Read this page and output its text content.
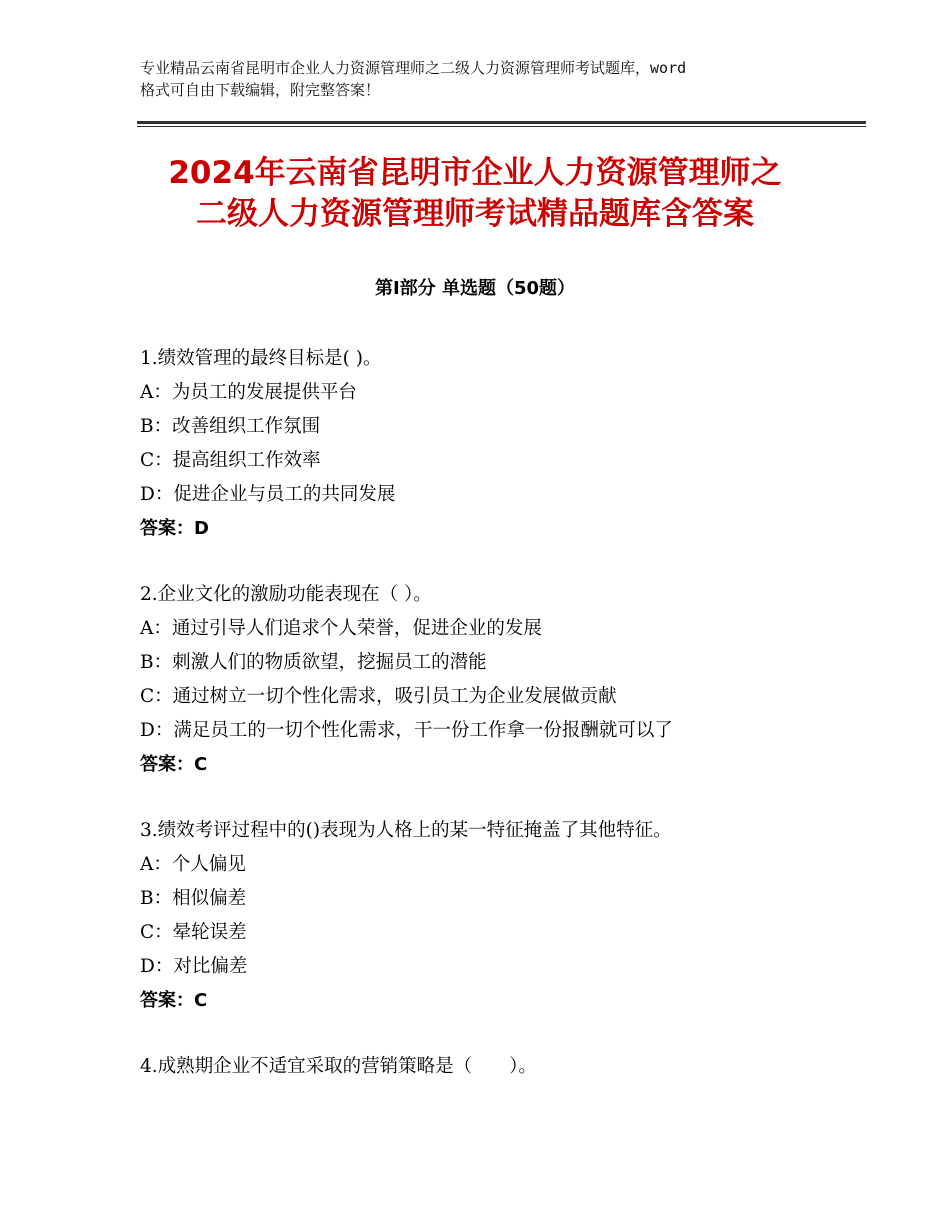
专业精品云南省昆明市企业人力资源管理师之二级人力资源管理师考试题库，word
格式可自由下载编辑，附完整答案！
2024年云南省昆明市企业人力资源管理师之
二级人力资源管理师考试精品题库含答案
第Ⅰ部分 单选题（50题）
1.绩效管理的最终目标是( )。
A：为员工的发展提供平台
B：改善组织工作氛围
C：提高组织工作效率
D：促进企业与员工的共同发展
答案：D
2.企业文化的激励功能表现在（ ）。
A：通过引导人们追求个人荣誉，促进企业的发展
B：刺激人们的物质欲望，挖掘员工的潜能
C：通过树立一切个性化需求，吸引员工为企业发展做贡献
D：满足员工的一切个性化需求，干一份工作拿一份报酬就可以了
答案：C
3.绩效考评过程中的()表现为人格上的某一特征掩盖了其他特征。
A：个人偏见
B：相似偏差
C：晕轮误差
D：对比偏差
答案：C
4.成熟期企业不适宜采取的营销策略是（　　）。
